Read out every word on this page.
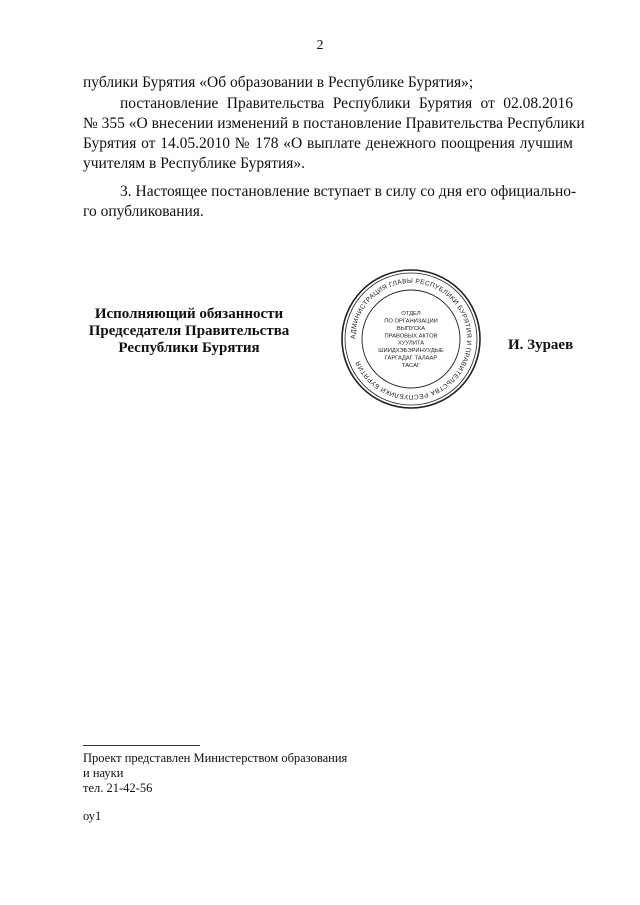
2
публики Бурятия «Об образовании в Республике Бурятия»;
постановление Правительства Республики Бурятия от 02.08.2016
№ 355 «О внесении изменений в постановление Правительства Республики
Бурятия от 14.05.2010 № 178 «О выплате денежного поощрения лучшим
учителям в Республике Бурятия».
3. Настоящее постановление вступает в силу со дня его официально-
го опубликования.
Исполняющий обязанности
Председателя Правительства
Республики Бурятия
АДМИНИСТРАЦИЯ ГЛАВЫ РЕСПУБЛИКИ БУРЯТИЯ И ПРАВИТЕЛЬСТВА РЕСПУБЛИКИ БУРЯТИЯ
ОТДЕЛ
ПО ОРГАНИЗАЦИИ
ВЫПУСКА
ПРАВОВЫХ АКТОВ
ХУУЛИТА
ШИИДХЭБЭРИНУУДЫЕ
ГАРГАДАГ ТАЛААР
ТАСАГ
И. Зураев
Проект представлен Министерством образования
и науки
тел. 21-42-56
оу1
